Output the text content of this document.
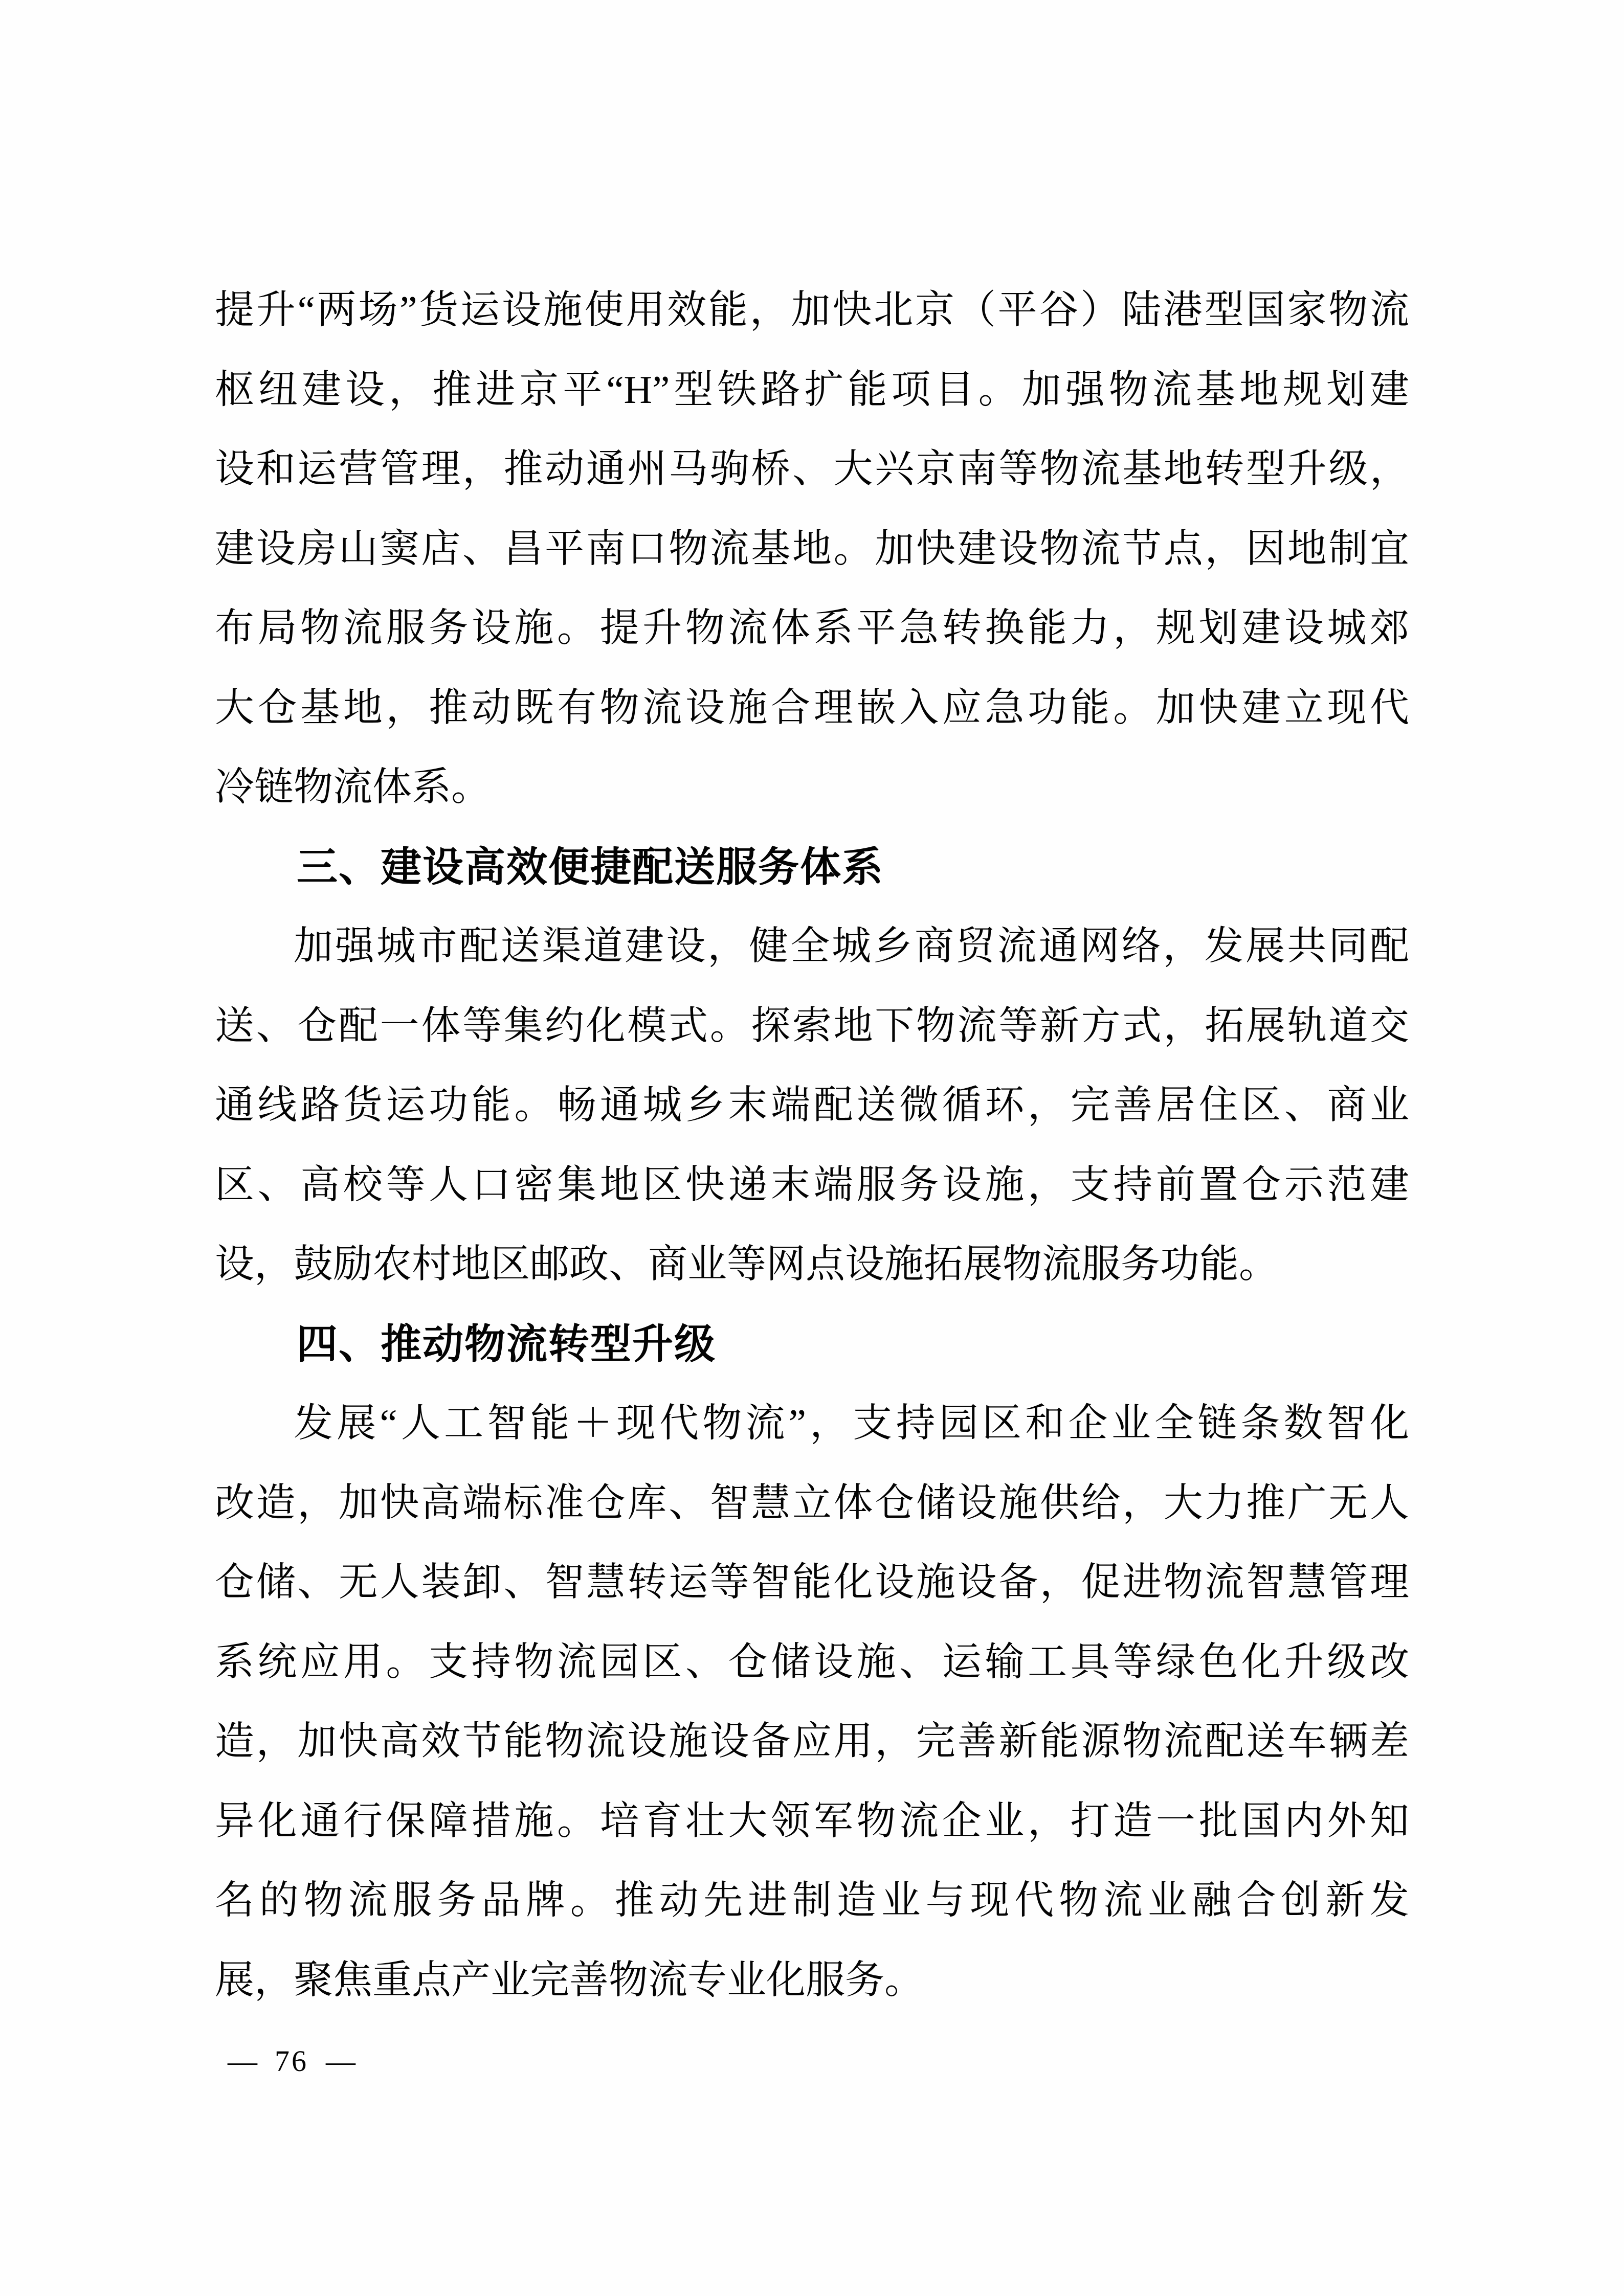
提升“两场”货运设施使用效能，加快北京（平谷）陆港型国家物流
枢纽建设，推进京平“H”型铁路扩能项目。加强物流基地规划建
设和运营管理，推动通州马驹桥、大兴京南等物流基地转型升级，
建设房山窦店、昌平南口物流基地。加快建设物流节点，因地制宜
布局物流服务设施。提升物流体系平急转换能力，规划建设城郊
大仓基地，推动既有物流设施合理嵌入应急功能。加快建立现代
冷链物流体系。
三、建设高效便捷配送服务体系
加强城市配送渠道建设，健全城乡商贸流通网络，发展共同配
送、仓配一体等集约化模式。探索地下物流等新方式，拓展轨道交
通线路货运功能。畅通城乡末端配送微循环，完善居住区、商业
区、高校等人口密集地区快递末端服务设施，支持前置仓示范建
设，鼓励农村地区邮政、商业等网点设施拓展物流服务功能。
四、推动物流转型升级
发展“人工智能＋现代物流”，支持园区和企业全链条数智化
改造，加快高端标准仓库、智慧立体仓储设施供给，大力推广无人
仓储、无人装卸、智慧转运等智能化设施设备，促进物流智慧管理
系统应用。支持物流园区、仓储设施、运输工具等绿色化升级改
造，加快高效节能物流设施设备应用，完善新能源物流配送车辆差
异化通行保障措施。培育壮大领军物流企业，打造一批国内外知
名的物流服务品牌。推动先进制造业与现代物流业融合创新发
展，聚焦重点产业完善物流专业化服务。
— 76 —
